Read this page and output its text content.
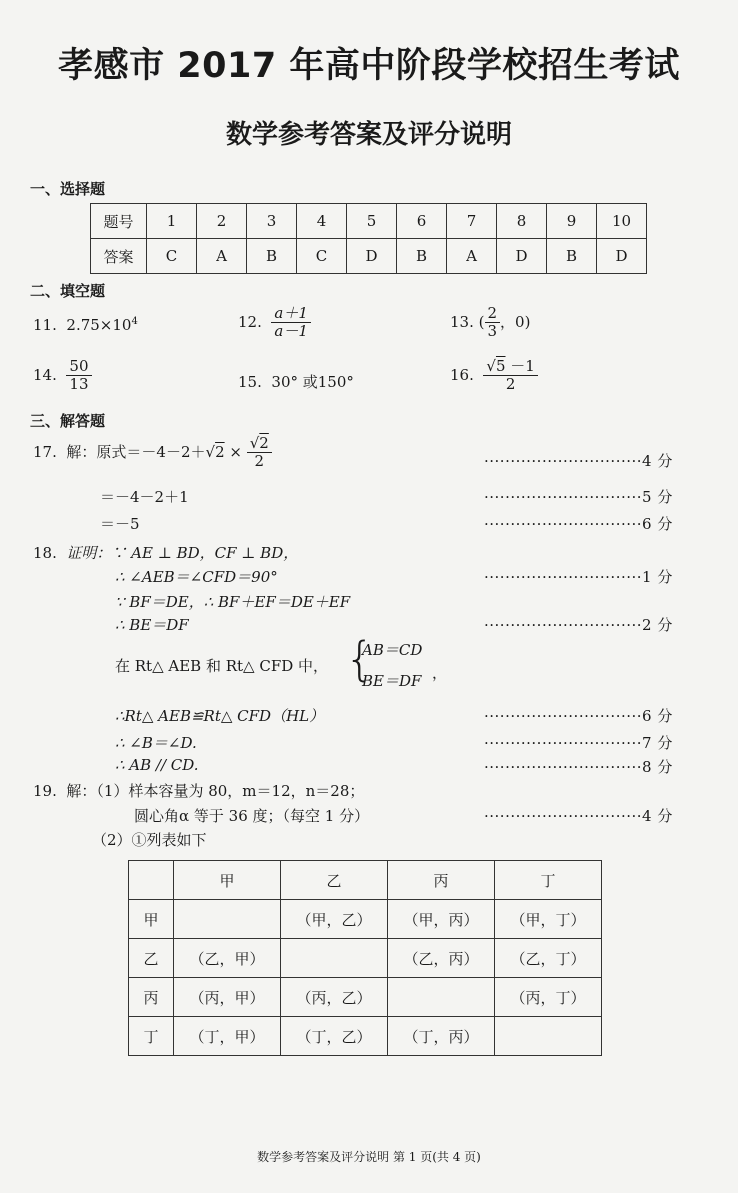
孝感市 2017 年高中阶段学校招生考试
数学参考答案及评分说明
一、选择题
题号	1	2	3	4	5	6	7	8	9	10
答案	C	A	B	C	D	B	A	D	B	D
二、填空题
11. $2.75\times 10^4$	12. $\frac{a+1}{a-1}$	13. ( $\frac{2}{3}$ ，0)
14. $\frac{50}{13}$	15. 30° 或150°	16. $\frac{√5 -1}{2}$
三、解答题
17. 解：原式$=-4-2+√2 \times \frac{√2}{2}$	······························4 分
＝－4－2＋1	······························5 分
＝－5	······························6 分
18. 证明：∵ AE ⊥ BD，CF ⊥ BD，
∴ ∠AEB＝∠CFD＝90°	······························1 分
∵ BF＝DE，∴ BF＋EF＝DE＋EF
∴ BE＝DF	······························2 分
在 Rt△ AEB 和 Rt△ CFD 中， {
AB＝CD
BE＝DF ，
∴Rt△ AEB≌Rt△ CFD（HL）	······························6 分
∴ ∠B＝∠D.	······························7 分
∴ AB // CD.	······························8 分
19. 解：（1）样本容量为 80，m＝12，n＝28；
圆心角α 等于 36 度；（每空 1 分）	······························4 分
（2）①列表如下
	甲	乙	丙	丁
甲		（甲，乙）	（甲，丙）	（甲，丁）
乙	（乙，甲）		（乙，丙）	（乙，丁）
丙	（丙，甲）	（丙，乙）		（丙，丁）
丁	（丁，甲）	（丁，乙）	（丁，丙）	
数学参考答案及评分说明 第 1 页(共 4 页)
